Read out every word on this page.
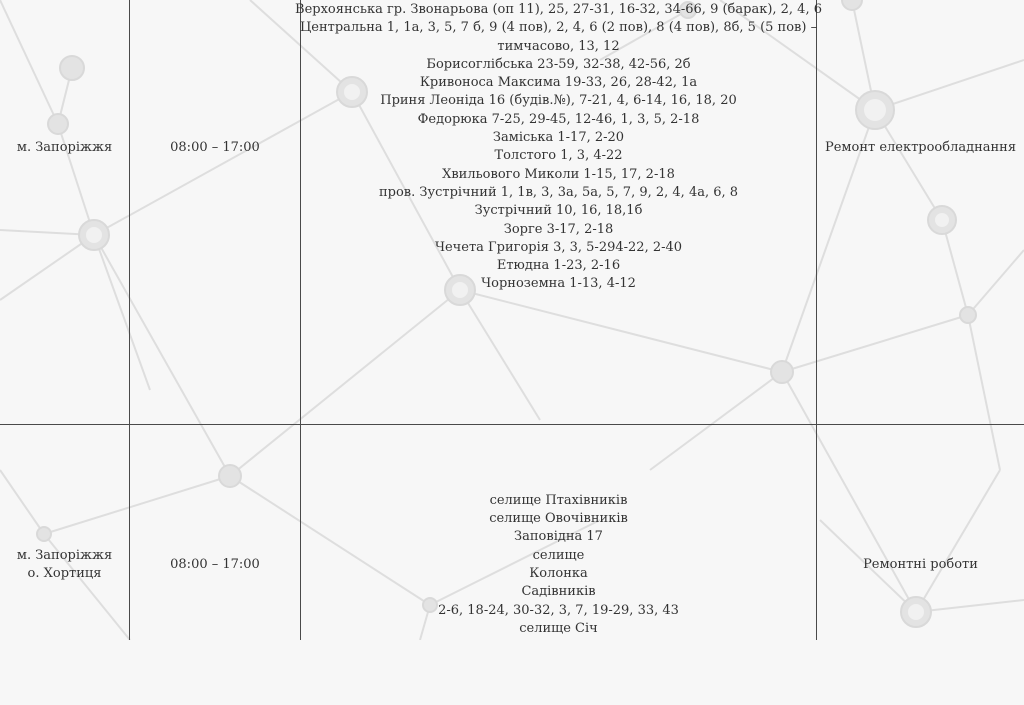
м. Запоріжжя	08:00 – 17:00
Верхоянська гр. Звонарьова (оп 11), 25, 27-31, 16-32, 34-66, 9 (барак), 2, 4, 6
Центральна 1, 1а, 3, 5, 7 б, 9 (4 пов), 2, 4, 6 (2 пов), 8 (4 пов), 8б, 5 (5 пов) –
тимчасово, 13, 12
Борисоглібська 23-59, 32-38, 42-56, 2б
Кривоноса Максима 19-33, 26, 28-42, 1а
Приня Леоніда 16 (будів.№), 7-21, 4, 6-14, 16, 18, 20
Федорюка 7-25, 29-45, 12-46, 1, 3, 5, 2-18
Заміська 1-17, 2-20
Толстого 1, 3, 4-22
Хвильового Миколи 1-15, 17, 2-18
пров. Зустрічний 1, 1в, 3, 3а, 5а, 5, 7, 9, 2, 4, 4а, 6, 8
Зустрічний 10, 16, 18,1б
Зорге 3-17, 2-18
Чечета Григорія 3, 3, 5-294-22, 2-40
Етюдна 1-23, 2-16
Чорноземна 1-13, 4-12
Ремонт електрообладнання
м. Запоріжжя
о. Хортиця
08:00 – 17:00
селище Птахівників
селище Овочівників
Заповідна 17
селище
Колонка
Садівників
2-6, 18-24, 30-32, 3, 7, 19-29, 33, 43
селище Січ
Ремонтні роботи
